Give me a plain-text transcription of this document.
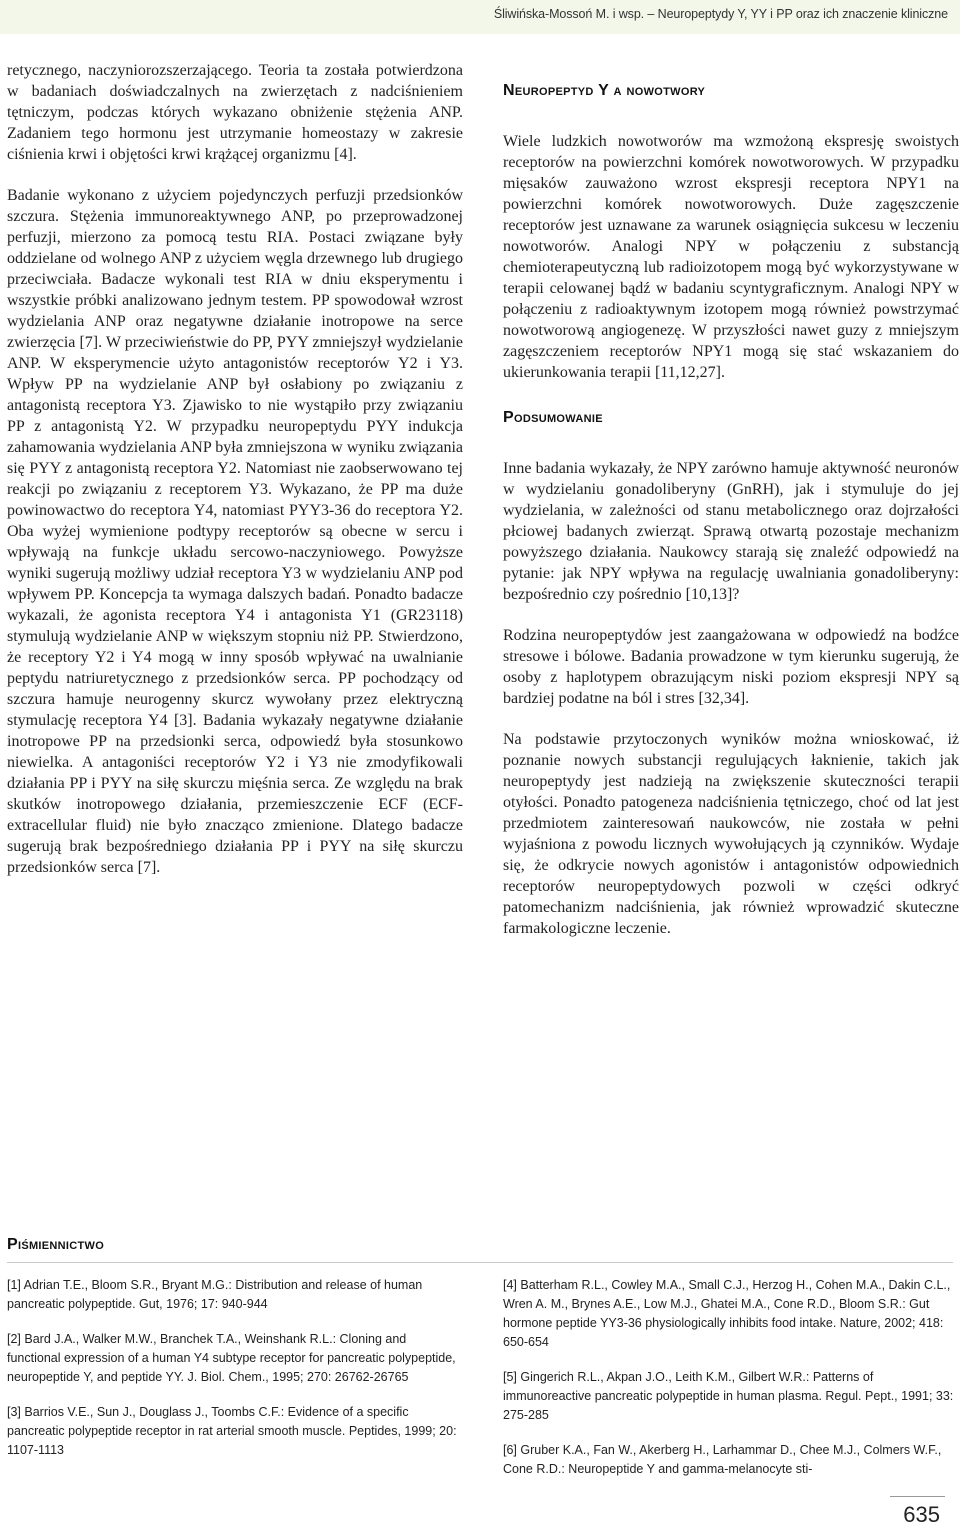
Śliwińska-Mossoń M. i wsp. – Neuropeptydy Y, YY i PP oraz ich znaczenie kliniczne

retycznego, naczyniorozszerzającego. Teoria ta została potwierdzona w badaniach doświadczalnych na zwierzętach z nadciśnieniem tętniczym, podczas których wykazano obniżenie stężenia ANP. Zadaniem tego hormonu jest utrzymanie homeostazy w zakresie ciśnienia krwi i objętości krwi krążącej organizmu [4].

Badanie wykonano z użyciem pojedynczych perfuzji przedsionków szczura. Stężenia immunoreaktywnego ANP, po przeprowadzonej perfuzji, mierzono za pomocą testu RIA. Postaci związane były oddzielane od wolnego ANP z użyciem węgla drzewnego lub drugiego przeciwciała. Badacze wykonali test RIA w dniu eksperymentu i wszystkie próbki analizowano jednym testem. PP spowodował wzrost wydzielania ANP oraz negatywne działanie inotropowe na serce zwierzęcia [7]. W przeciwieństwie do PP, PYY zmniejszył wydzielanie ANP. W eksperymencie użyto antagonistów receptorów Y2 i Y3. Wpływ PP na wydzielanie ANP był osłabiony po związaniu z antagonistą receptora Y3. Zjawisko to nie wystąpiło przy związaniu PP z antagonistą Y2. W przypadku neuropeptydu PYY indukcja zahamowania wydzielania ANP była zmniejszona w wyniku związania się PYY z antagonistą receptora Y2. Natomiast nie zaobserwowano tej reakcji po związaniu z receptorem Y3. Wykazano, że PP ma duże powinowactwo do receptora Y4, natomiast PYY3-36 do receptora Y2. Oba wyżej wymienione podtypy receptorów są obecne w sercu i wpływają na funkcje układu sercowo-naczyniowego. Powyższe wyniki sugerują możliwy udział receptora Y3 w wydzielaniu ANP pod wpływem PP. Koncepcja ta wymaga dalszych badań. Ponadto badacze wykazali, że agonista receptora Y4 i antagonista Y1 (GR23118) stymulują wydzielanie ANP w większym stopniu niż PP. Stwierdzono, że receptory Y2 i Y4 mogą w inny sposób wpływać na uwalnianie peptydu natriuretycznego z przedsionków serca. PP pochodzący od szczura hamuje neurogenny skurcz wywołany przez elektryczną stymulację receptora Y4 [3]. Badania wykazały negatywne działanie inotropowe PP na przedsionki serca, odpowiedź była stosunkowo niewielka. A antagoniści receptorów Y2 i Y3 nie zmodyfikowali działania PP i PYY na siłę skurczu mięśnia serca. Ze względu na brak skutków inotropowego działania, przemieszczenie ECF (ECF-extracellular fluid) nie było znacząco zmienione. Dlatego badacze sugerują brak bezpośredniego działania PP i PYY na siłę skurczu przedsionków serca [7].

Neuropeptyd Y a nowotwory

Wiele ludzkich nowotworów ma wzmożoną ekspresję swoistych receptorów na powierzchni komórek nowotworowych. W przypadku mięsaków zauważono wzrost ekspresji receptora NPY1 na powierzchni komórek nowotworowych. Duże zagęszczenie receptorów jest uznawane za warunek osiągnięcia sukcesu w leczeniu nowotworów. Analogi NPY w połączeniu z substancją chemioterapeutyczną lub radioizotopem mogą być wykorzystywane w terapii celowanej bądź w badaniu scyntygraficznym. Analogi NPY w połączeniu z radioaktywnym izotopem mogą również powstrzymać nowotworową angiogenezę. W przyszłości nawet guzy z mniejszym zagęszczeniem receptorów NPY1 mogą się stać wskazaniem do ukierunkowania terapii [11,12,27].

Podsumowanie

Inne badania wykazały, że NPY zarówno hamuje aktywność neuronów w wydzielaniu gonadoliberyny (GnRH), jak i stymuluje do jej wydzielania, w zależności od stanu metabolicznego oraz dojrzałości płciowej badanych zwierząt. Sprawą otwartą pozostaje mechanizm powyższego działania. Naukowcy starają się znaleźć odpowiedź na pytanie: jak NPY wpływa na regulację uwalniania gonadoliberyny: bezpośrednio czy pośrednio [10,13]?

Rodzina neuropeptydów jest zaangażowana w odpowiedź na bodźce stresowe i bólowe. Badania prowadzone w tym kierunku sugerują, że osoby z haplotypem obrazującym niski poziom ekspresji NPY są bardziej podatne na ból i stres [32,34].

Na podstawie przytoczonych wyników można wnioskować, iż poznanie nowych substancji regulujących łaknienie, takich jak neuropeptydy jest nadzieją na zwiększenie skuteczności terapii otyłości. Ponadto patogeneza nadciśnienia tętniczego, choć od lat jest przedmiotem zainteresowań naukowców, nie została w pełni wyjaśniona z powodu licznych wywołujących ją czynników. Wydaje się, że odkrycie nowych agonistów i antagonistów odpowiednich receptorów neuropeptydowych pozwoli w części odkryć patomechanizm nadciśnienia, jak również wprowadzić skuteczne farmakologiczne leczenie.

Piśmiennictwo
[1] Adrian T.E., Bloom S.R., Bryant M.G.: Distribution and release of human pancreatic polypeptide. Gut, 1976; 17: 940-944
[2] Bard J.A., Walker M.W., Branchek T.A., Weinshank R.L.: Cloning and functional expression of a human Y4 subtype receptor for pancreatic polypeptide, neuropeptide Y, and peptide YY. J. Biol. Chem., 1995; 270: 26762-26765
[3] Barrios V.E., Sun J., Douglass J., Toombs C.F.: Evidence of a specific pancreatic polypeptide receptor in rat arterial smooth muscle. Peptides, 1999; 20: 1107-1113
[4] Batterham R.L., Cowley M.A., Small C.J., Herzog H., Cohen M.A., Dakin C.L., Wren A. M., Brynes A.E., Low M.J., Ghatei M.A., Cone R.D., Bloom S.R.: Gut hormone peptide YY3-36 physiologically inhibits food intake. Nature, 2002; 418: 650-654
[5] Gingerich R.L., Akpan J.O., Leith K.M., Gilbert W.R.: Patterns of immunoreactive pancreatic polypeptide in human plasma. Regul. Pept., 1991; 33: 275-285
[6] Gruber K.A., Fan W., Akerberg H., Larhammar D., Chee M.J., Colmers W.F., Cone R.D.: Neuropeptide Y and gamma-melanocyte sti-
635
